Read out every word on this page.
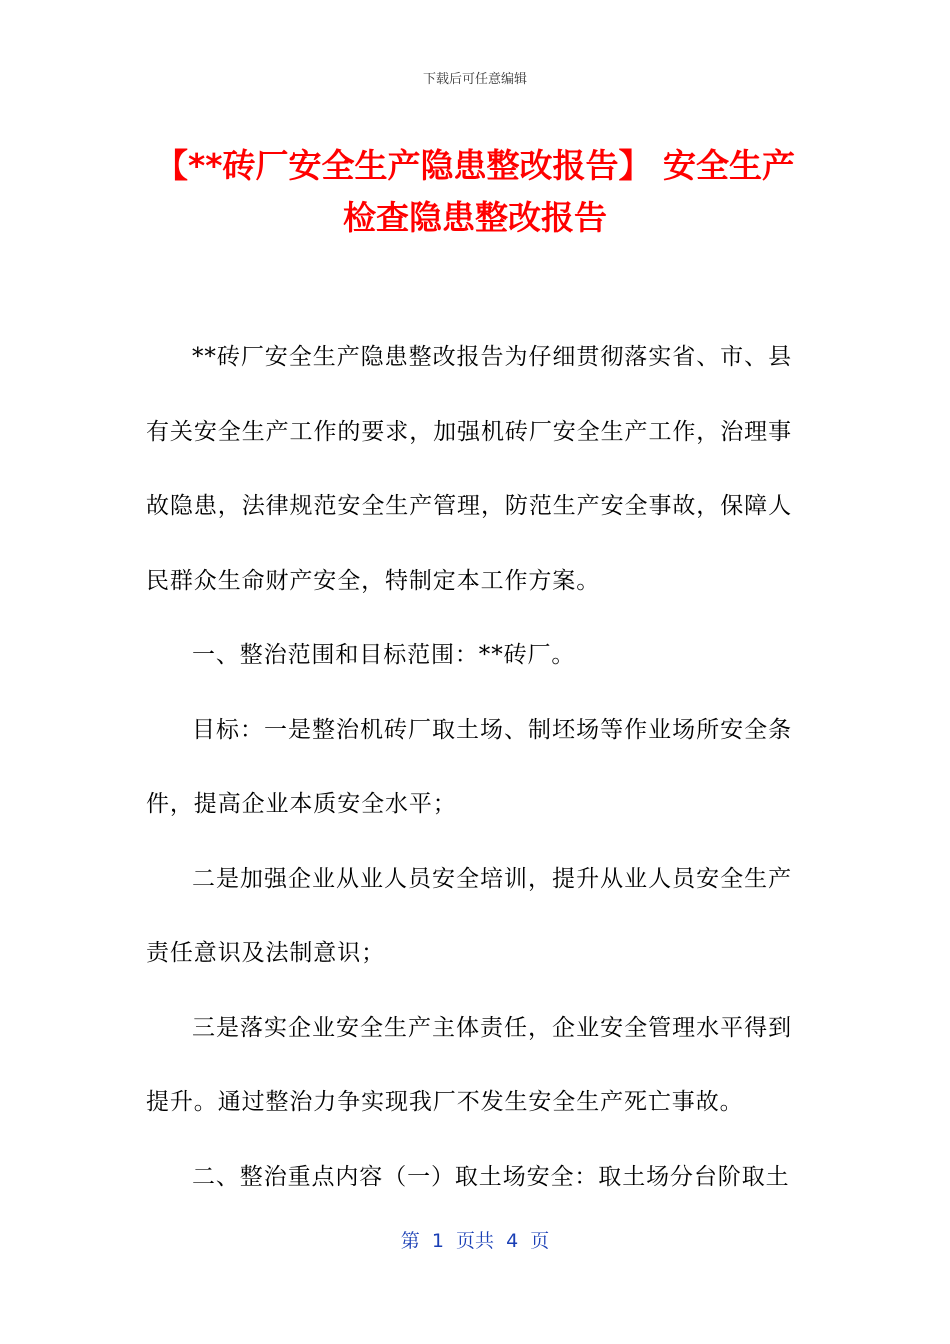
下载后可任意编辑
【**砖厂安全生产隐患整改报告】 安全生产
检查隐患整改报告

**砖厂安全生产隐患整改报告为仔细贯彻落实省、市、县有关安全生产工作的要求，加强机砖厂安全生产工作，治理事故隐患，法律规范安全生产管理，防范生产安全事故，保障人民群众生命财产安全，特制定本工作方案。

一、整治范围和目标范围：**砖厂。

目标：一是整治机砖厂取土场、制坯场等作业场所安全条件，提高企业本质安全水平；

二是加强企业从业人员安全培训，提升从业人员安全生产责任意识及法制意识；

三是落实企业安全生产主体责任，企业安全管理水平得到提升。通过整治力争实现我厂不发生安全生产死亡事故。

二、整治重点内容（一）取土场安全：取土场分台阶取土

第  1  页共  4  页
